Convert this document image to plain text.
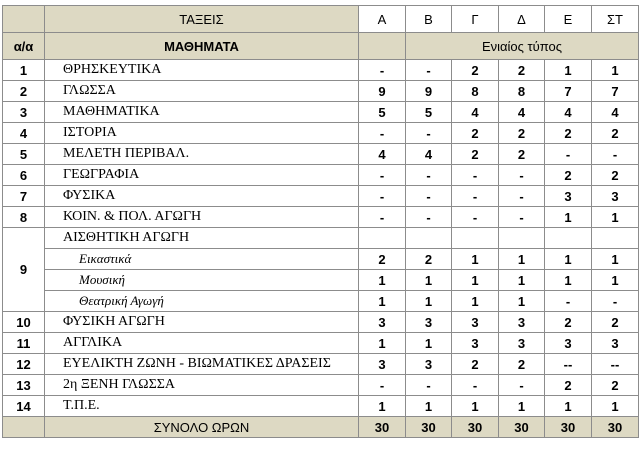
	ΤΑΞΕΙΣ	Α	Β	Γ	Δ	Ε	ΣΤ
α/α	ΜΑΘΗΜΑΤΑ		Ενιαίος τύπος				
1	ΘΡΗΣΚΕΥΤΙΚΑ	-	-	2	2	1	1
2	ΓΛΩΣΣΑ	9	9	8	8	7	7
3	ΜΑΘΗΜΑΤΙΚΑ	5	5	4	4	4	4
4	ΙΣΤΟΡΙΑ	-	-	2	2	2	2
5	ΜΕΛΕΤΗ ΠΕΡΙΒΑΛ.	4	4	2	2	-	-
6	ΓΕΩΓΡΑΦΙΑ	-	-	-	-	2	2
7	ΦΥΣΙΚΑ	-	-	-	-	3	3
8	ΚΟΙΝ. & ΠΟΛ. ΑΓΩΓΗ	-	-	-	-	1	1
9	ΑΙΣΘΗΤΙΚΗ ΑΓΩΓΗ						
	Εικαστικά	2	2	1	1	1	1
	Μουσική	1	1	1	1	1	1
	Θεατρική Αγωγή	1	1	1	1	-	-
10	ΦΥΣΙΚΗ ΑΓΩΓΗ	3	3	3	3	2	2
11	ΑΓΓΛΙΚΑ	1	1	3	3	3	3
12	ΕΥΕΛΙΚΤΗ ΖΩΝΗ - ΒΙΩΜΑΤΙΚΕΣ ΔΡΑΣΕΙΣ	3	3	2	2	--	--
13	2η ΞΕΝΗ ΓΛΩΣΣΑ	-	-	-	-	2	2
14	Τ.Π.Ε.	1	1	1	1	1	1
	ΣΥΝΟΛΟ ΩΡΩΝ	30	30	30	30	30	30
